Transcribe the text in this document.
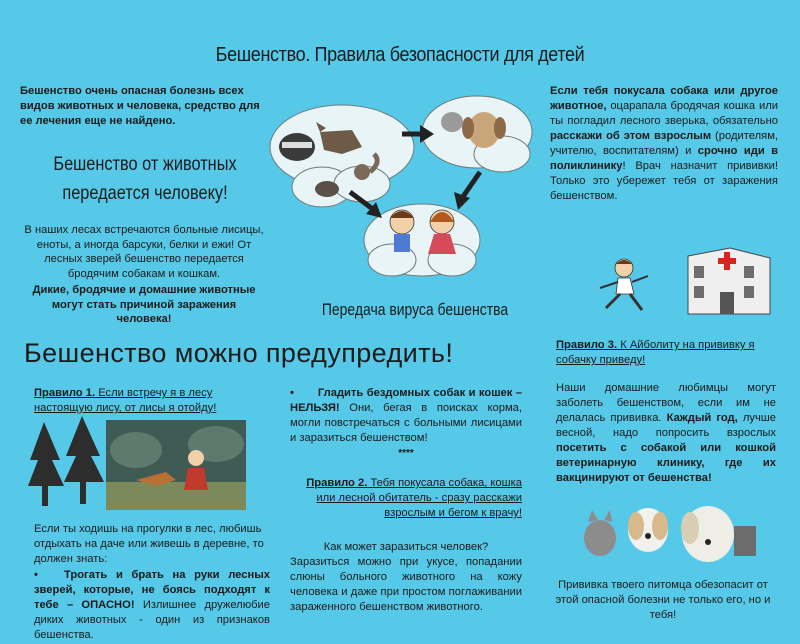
Бешенство. Правила безопасности для детей
Бешенство очень опасная болезнь всех видов животных и человека, средство для ее лечения еще не найдено.
Бешенство от животных
передается человеку!
В наших лесах встречаются больные лисицы, еноты, а иногда барсуки, белки и ежи! От лесных зверей бешенство передается бродячим собакам и кошкам.
Дикие, бродячие и домашние животные могут стать причиной заражения человека!	Передача вируса бешенства
Если тебя покусала собака или другое животное, оцарапала бродячая кошка или ты погладил лесного зверька, обязательно расскажи об этом взрослым (родителям, учителю, воспитателям) и срочно иди в поликлинику! Врач назначит прививки! Только это убережет тебя от заражения бешенством.
Бешенство можно предупредить!	Правило 3. К Айболиту на прививку я собачку приведу!
Наши домашние любимцы могут заболеть бешенством, если им не делалась прививка. Каждый год, лучше весной, надо попросить взрослых посетить с собакой или кошкой ветеринарную клинику, где их вакцинируют от бешенства!
Прививка твоего питомца обезопасит от этой опасной болезни не только его, но и тебя!
Правило 1. Если встречу я в лесу настоящую лису, от лисы я отойду!
Если ты ходишь на прогулки в лес, любишь отдыхать на даче или живешь в деревне, то должен знать:
• Трогать и брать на руки лесных зверей, которые, не боясь подходят к тебе – ОПАСНО! Излишнее дружелюбие диких животных - один из признаков бешенства.
• Гладить бездомных собак и кошек – НЕЛЬЗЯ! Они, бегая в поисках корма, могли повстречаться с больными лисицами и заразиться бешенством!
****
Правило 2. Тебя покусала собака, кошка или лесной обитатель - сразу расскажи взрослым и бегом к врачу!
Как может заразиться человек?
Заразиться можно при укусе, попадании слюны больного животного на кожу человека и даже при простом поглаживании зараженного бешенством животного.
